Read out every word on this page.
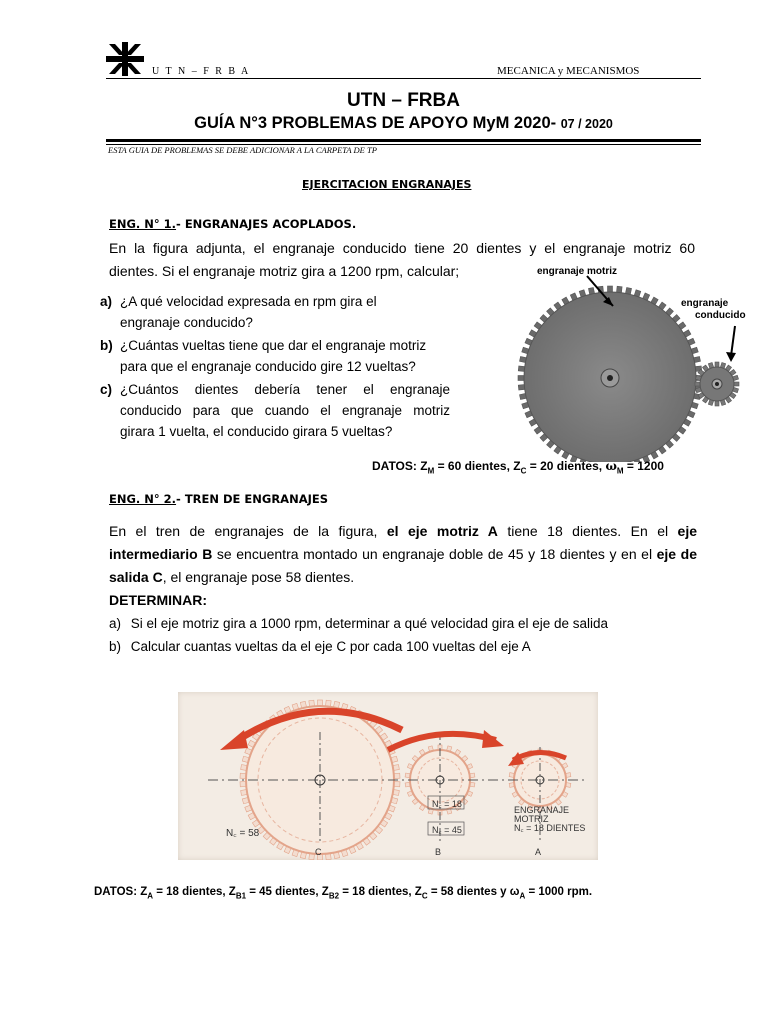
U T N – F R B A	MECANICA y MECANISMOS
UTN – FRBA
GUÍA N°3 PROBLEMAS DE APOYO MyM 2020- 07 / 2020
ESTA GUIA DE PROBLEMAS SE DEBE ADICIONAR A LA CARPETA DE TP
EJERCITACION ENGRANAJES
ENG. N° 1.- ENGRANAJES ACOPLADOS.
En la figura adjunta, el engranaje conducido tiene 20 dientes y el engranaje motriz 60
dientes. Si el engranaje motriz gira a 1200 rpm, calcular;
a) ¿A qué velocidad expresada en rpm gira el
engranaje conducido?
b) ¿Cuántas vueltas tiene que dar el engranaje motriz
para que el engranaje conducido gire 12 vueltas?
c) ¿Cuántos dientes debería tener el engranaje
conducido para que cuando el engranaje motriz
girara 1 vuelta, el conducido girara 5 vueltas?
engranaje motriz
engranaje
conducido
DATOS: $Z_M = 60$ dientes, $Z_C = 20$ dientes, $\omega_M = 1200$
ENG. N° 2.- TREN DE ENGRANAJES
En el tren de engranajes de la figura, el eje motriz A tiene 18 dientes. En el eje
intermediario B se encuentra montado un engranaje doble de 45 y 18 dientes y en el eje de
salida C, el engranaje pose 58 dientes.
DETERMINAR:
a) Si el eje motriz gira a 1000 rpm, determinar a qué velocidad gira el eje de salida
b) Calcular cuantas vueltas da el eje C por cada 100 vueltas del eje A
N꜀ = 58
N꜀ = 18
N꜀ = 45
ENGRANAJE
MOTRIZ
N꜀ = 18 DIENTES
C	B	A
DATOS: $Z_A = 18$ dientes, $Z_{B1} = 45$ dientes, $Z_{B2} = 18$ dientes, $Z_C = 58$ dientes y $\omega_A = 1000$ rpm.
